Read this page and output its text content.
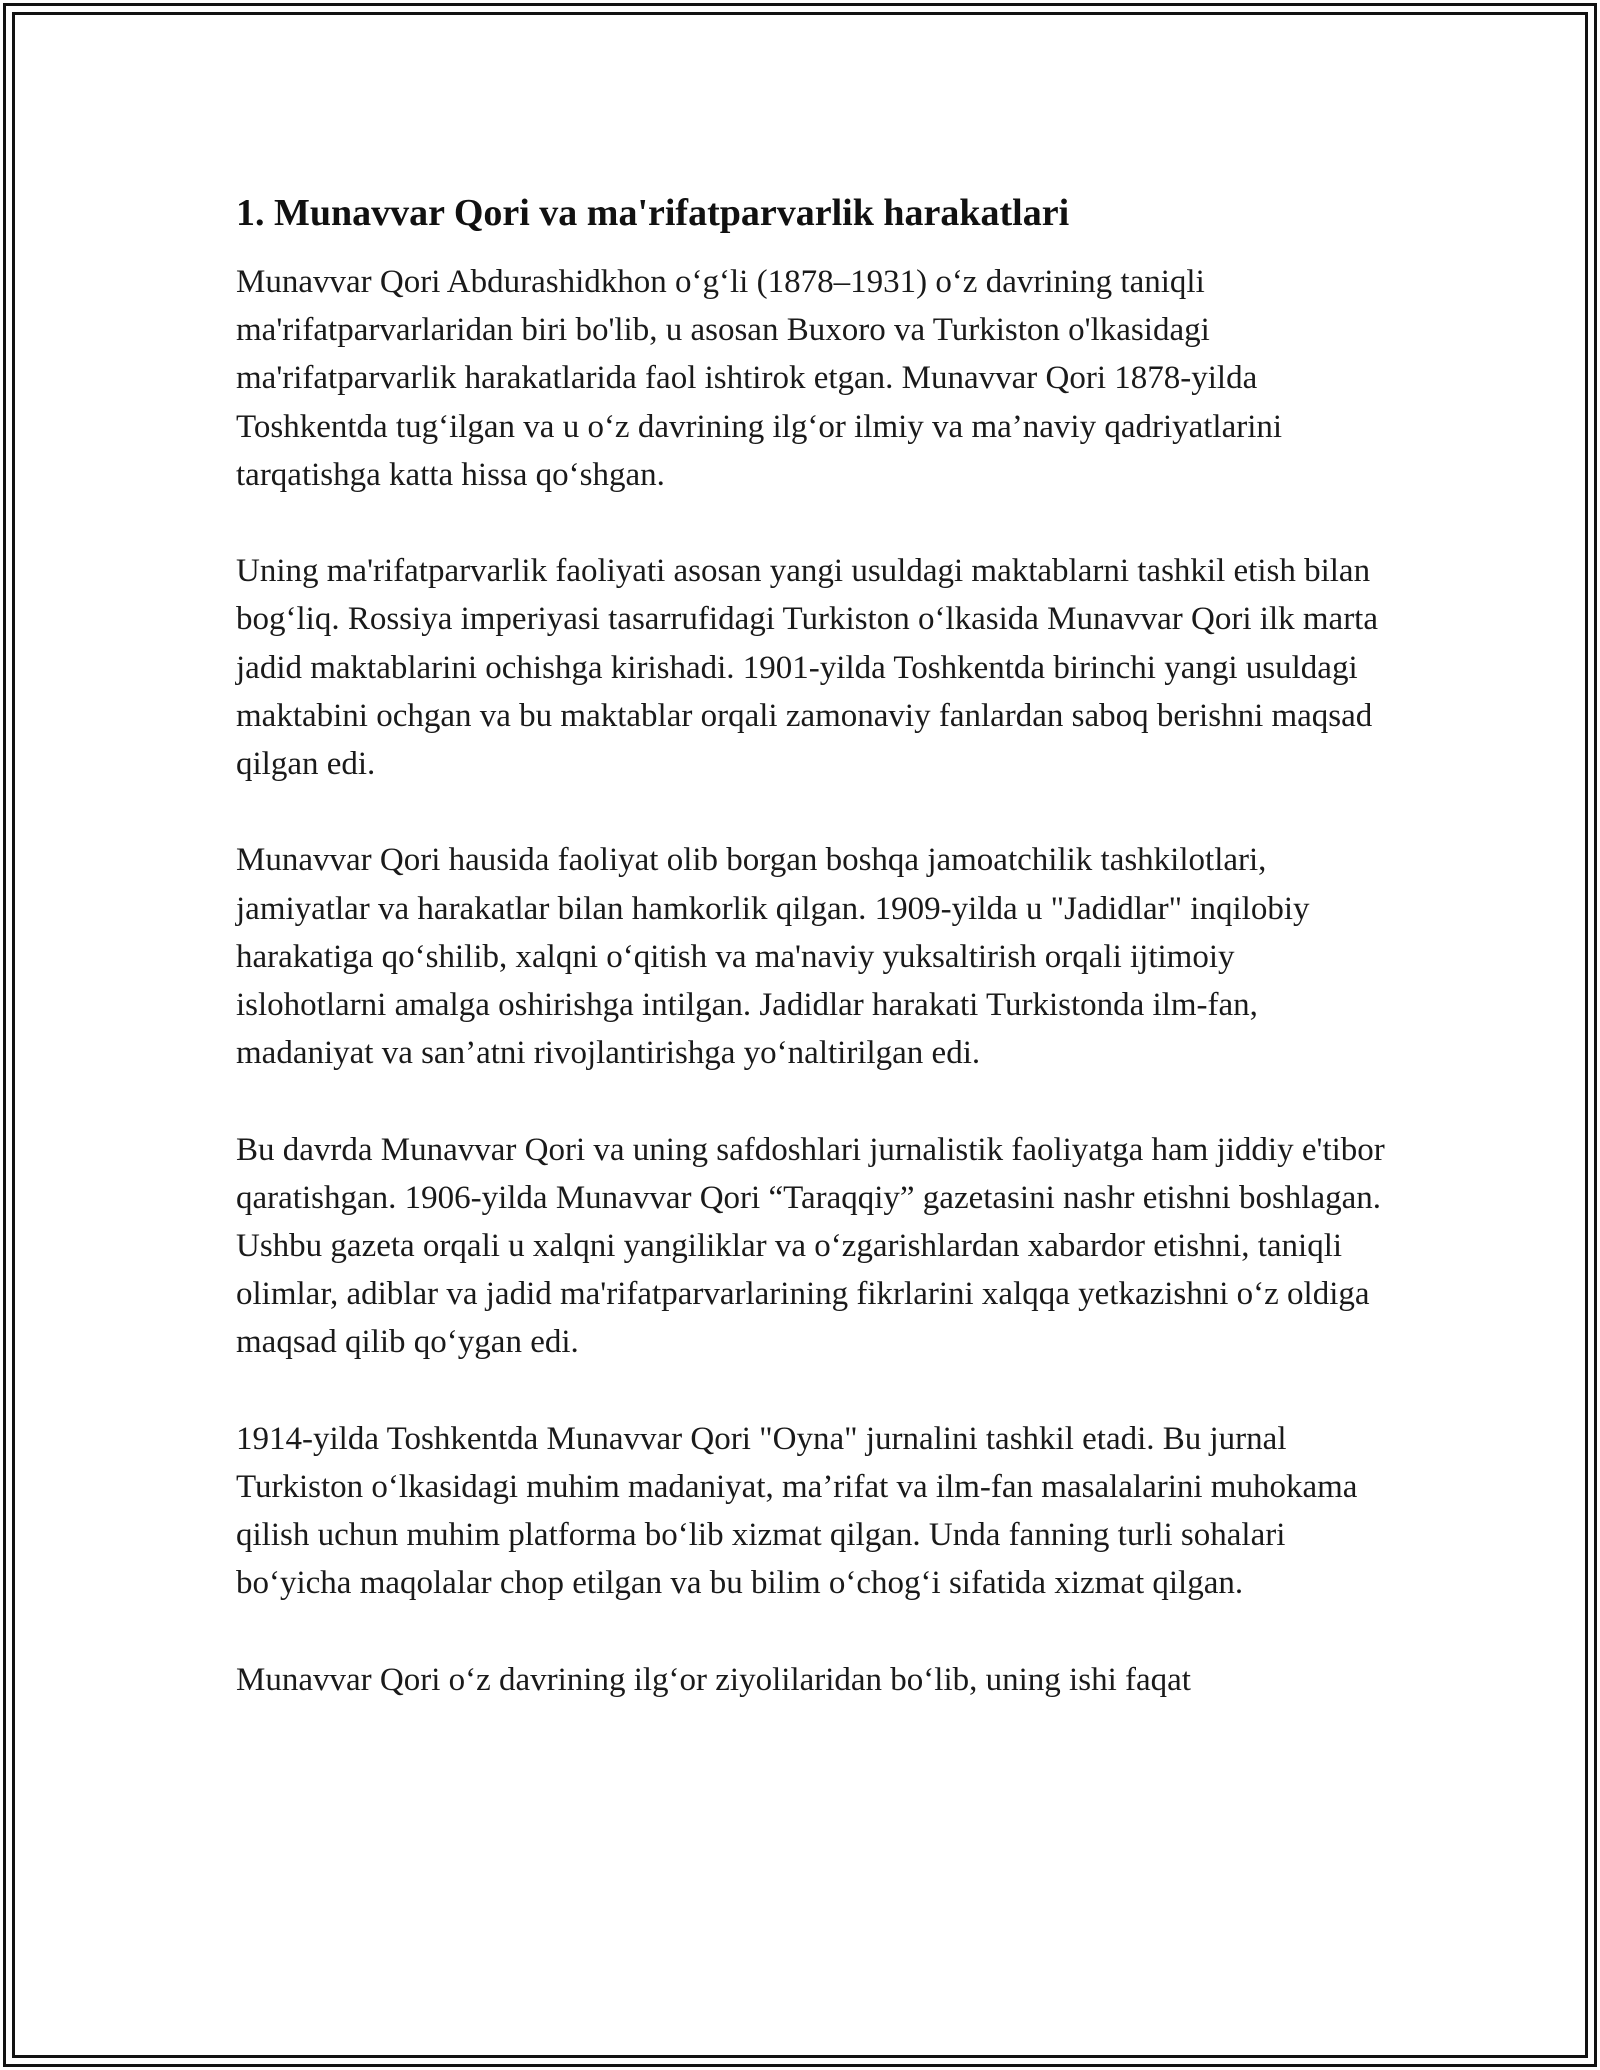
1. Munavvar Qori va ma'rifatparvarlik harakatlari

Munavvar Qori Abdurashidkhon o‘g‘li (1878–1931) o‘z davrining taniqli ma'rifatparvarlaridan biri bo'lib, u asosan Buxoro va Turkiston o'lkasidagi ma'rifatparvarlik harakatlarida faol ishtirok etgan. Munavvar Qori 1878-yilda Toshkentda tug‘ilgan va u o‘z davrining ilg‘or ilmiy va ma’naviy qadriyatlarini tarqatishga katta hissa qo‘shgan.

Uning ma'rifatparvarlik faoliyati asosan yangi usuldagi maktablarni tashkil etish bilan bog‘liq. Rossiya imperiyasi tasarrufidagi Turkiston o‘lkasida Munavvar Qori ilk marta jadid maktablarini ochishga kirishadi. 1901-yilda Toshkentda birinchi yangi usuldagi maktabini ochgan va bu maktablar orqali zamonaviy fanlardan saboq berishni maqsad qilgan edi.

Munavvar Qori hausida faoliyat olib borgan boshqa jamoatchilik tashkilotlari, jamiyatlar va harakatlar bilan hamkorlik qilgan. 1909-yilda u "Jadidlar" inqilobiy harakatiga qo‘shilib, xalqni o‘qitish va ma'naviy yuksaltirish orqali ijtimoiy islohotlarni amalga oshirishga intilgan. Jadidlar harakati Turkistonda ilm-fan, madaniyat va san’atni rivojlantirishga yo‘naltirilgan edi.

Bu davrda Munavvar Qori va uning safdoshlari jurnalistik faoliyatga ham jiddiy e'tibor qaratishgan. 1906-yilda Munavvar Qori “Taraqqiy” gazetasini nashr etishni boshlagan. Ushbu gazeta orqali u xalqni yangiliklar va o‘zgarishlardan xabardor etishni, taniqli olimlar, adiblar va jadid ma'rifatparvarlarining fikrlarini xalqqa yetkazishni o‘z oldiga maqsad qilib qo‘ygan edi.

1914-yilda Toshkentda Munavvar Qori "Oyna" jurnalini tashkil etadi. Bu jurnal Turkiston o‘lkasidagi muhim madaniyat, ma’rifat va ilm-fan masalalarini muhokama qilish uchun muhim platforma bo‘lib xizmat qilgan. Unda fanning turli sohalari bo‘yicha maqolalar chop etilgan va bu bilim o‘chog‘i sifatida xizmat qilgan.

Munavvar Qori o‘z davrining ilg‘or ziyolilaridan bo‘lib, uning ishi faqat
